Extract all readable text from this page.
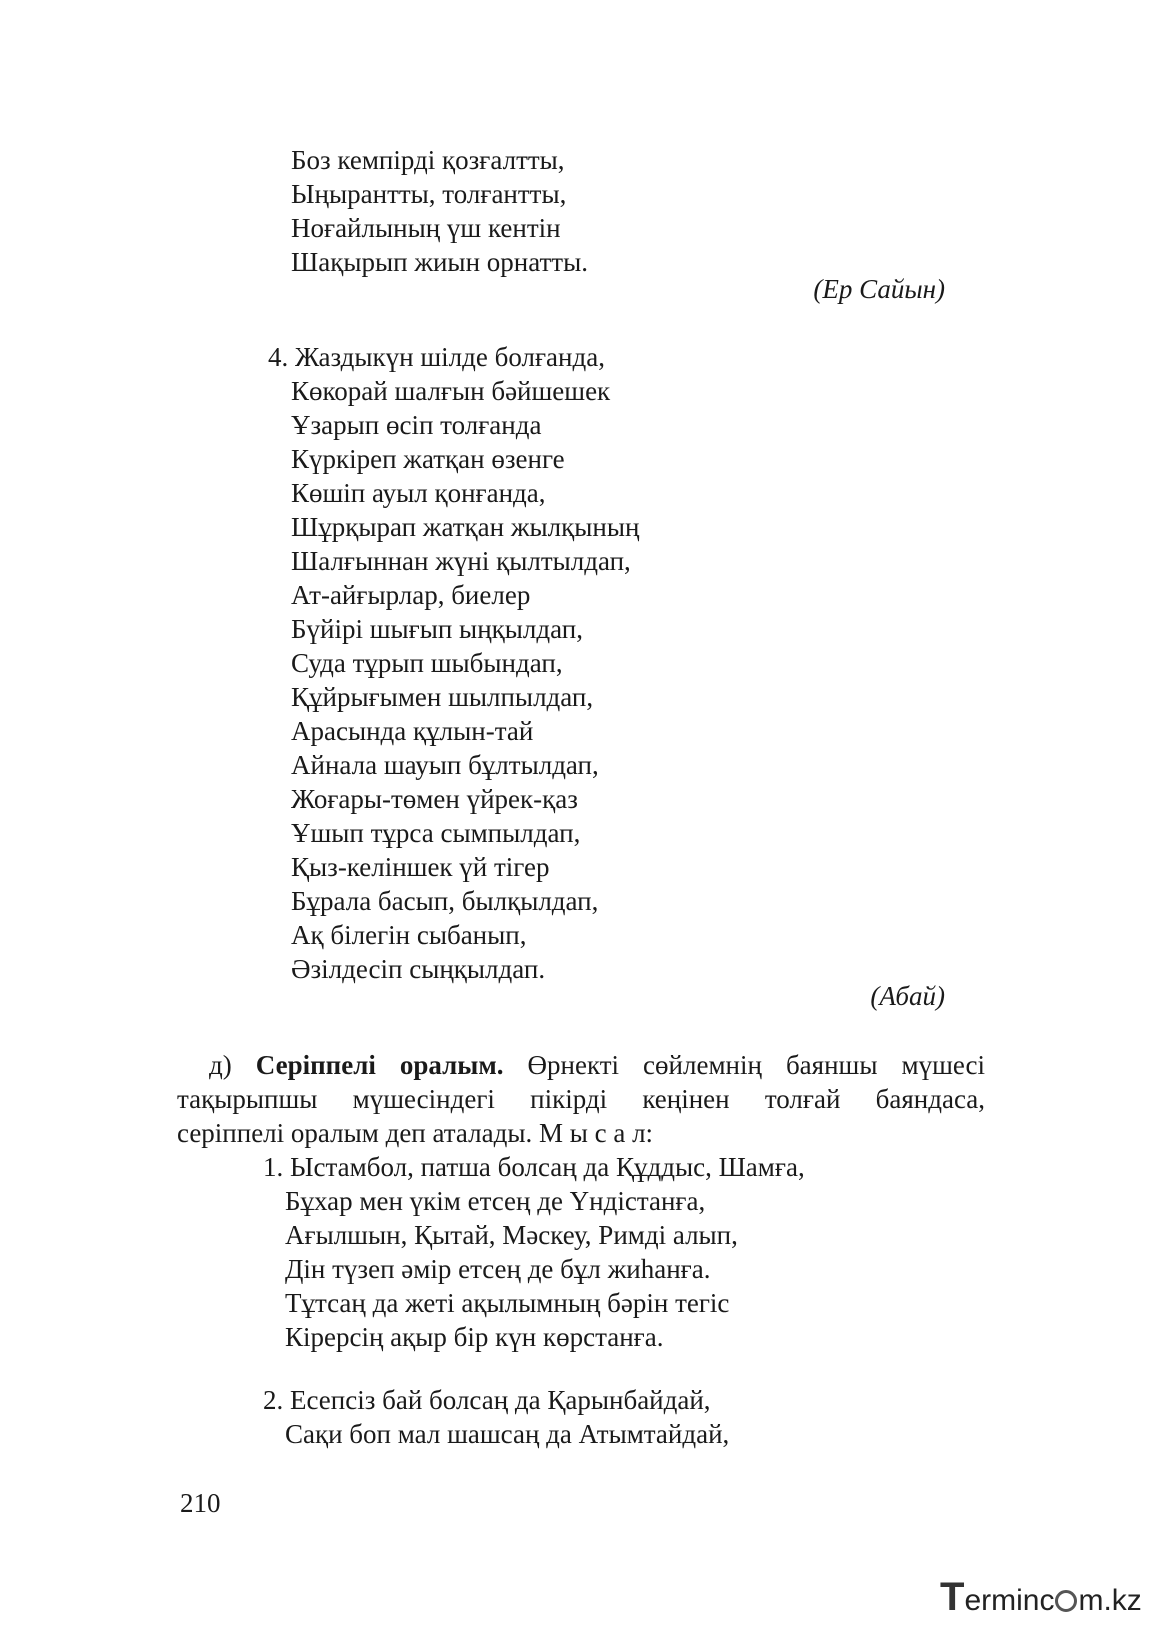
Боз кемпірді қозғалтты,
Ыңырантты, толғантты,
Ноғайлының үш кентін
Шақырып жиын орнатты.
(Ер Сайын)
4. Жаздыкүн шілде болғанда,
Көкорай шалғын бәйшешек
Ұзарып өсіп толғанда
Күркіреп жатқан өзенге
Көшіп ауыл қонғанда,
Шұрқырап жатқан жылқының
Шалғыннан жүні қылтылдап,
Ат-айғырлар, биелер
Бүйірі шығып ыңқылдап,
Суда тұрып шыбындап,
Құйрығымен шылпылдап,
Арасында құлын-тай
Айнала шауып бұлтылдап,
Жоғары-төмен үйрек-қаз
Ұшып тұрса сымпылдап,
Қыз-келіншек үй тігер
Бұрала басып, былқылдап,
Ақ білегін сыбанып,
Әзілдесіп сыңқылдап.
(Абай)
д) Серіппелі оралым. Өрнекті сөйлемнің баяншы мүшесі
тақырыпшы мүшесіндегі пікірді кеңінен толғай баяндаса,
серіппелі оралым деп аталады. М ы с а л:
1. Ыстамбол, патша болсаң да Құддыс, Шамға,
Бұхар мен үкім етсең де Үндістанға,
Ағылшын, Қытай, Мәскеу, Римді алып,
Дін түзеп әмір етсең де бұл жиһанға.
Тұтсаң да жеті ақылымның бәрін тегіс
Кірерсің ақыр бір күн көрстанға.
2. Есепсіз бай болсаң да Қарынбайдай,
Сақи боп мал шашсаң да Атымтайдай,
210
Terminc m.kz
